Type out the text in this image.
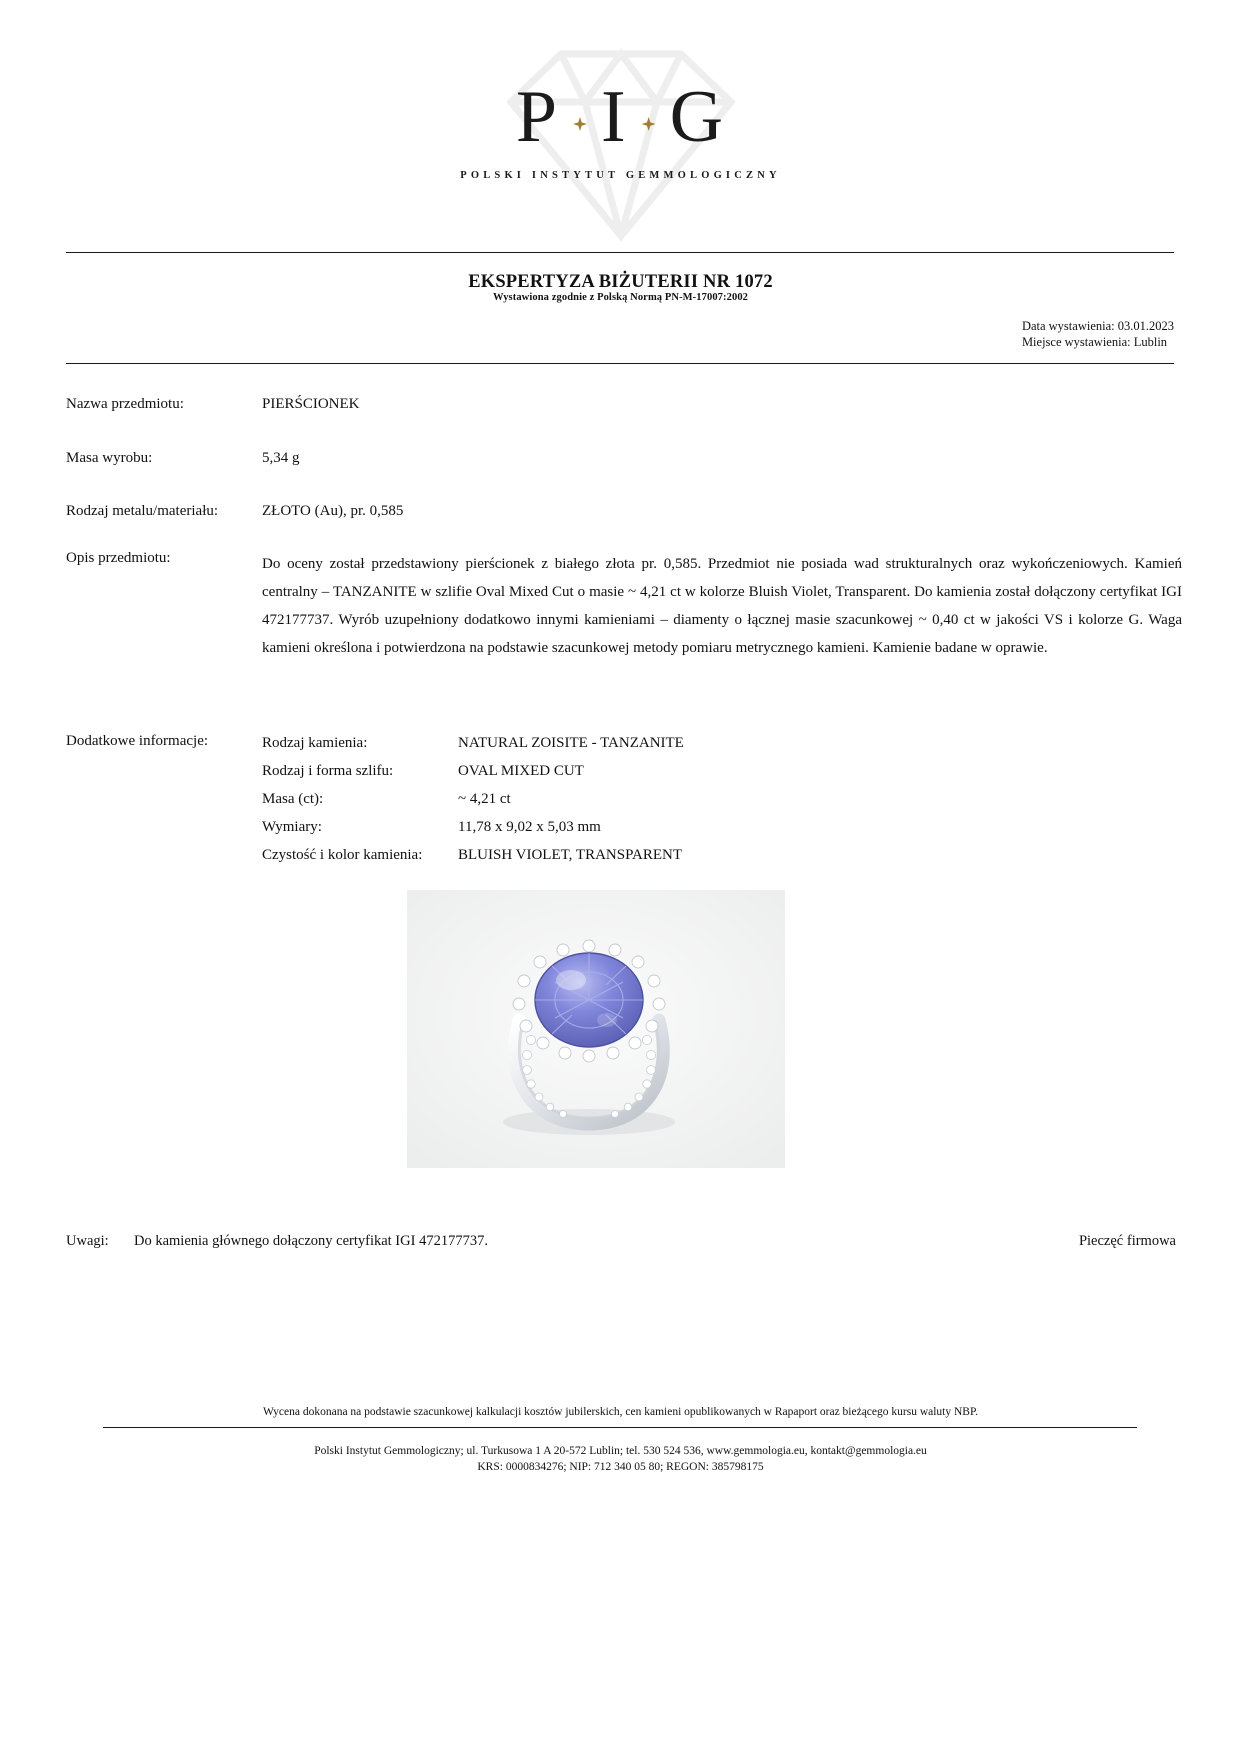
P I G
POLSKI INSTYTUT GEMMOLOGICZNY
EKSPERTYZA BIŻUTERII NR 1072
Wystawiona zgodnie z Polską Normą PN-M-17007:2002
Data wystawienia: 03.01.2023
Miejsce wystawienia: Lublin
Nazwa przedmiotu:	PIERŚCIONEK
Masa wyrobu:	5,34 g
Rodzaj metalu/materiału:	ZŁOTO (Au), pr. 0,585
Opis przedmiotu:	Do oceny został przedstawiony pierścionek z białego złota pr. 0,585. Przedmiot nie posiada wad strukturalnych oraz wykończeniowych. Kamień centralny – TANZANITE w szlifie Oval Mixed Cut o masie ~ 4,21 ct w kolorze Bluish Violet, Transparent. Do kamienia został dołączony certyfikat IGI 472177737. Wyrób uzupełniony dodatkowo innymi kamieniami – diamenty o łącznej masie szacunkowej ~ 0,40 ct w jakości VS i kolorze G. Waga kamieni określona i potwierdzona na podstawie szacunkowej metody pomiaru metrycznego kamieni. Kamienie badane w oprawie.
Dodatkowe informacje:	Rodzaj kamienia:	NATURAL ZOISITE - TANZANITE
Rodzaj i forma szlifu:	OVAL MIXED CUT
Masa (ct):	~ 4,21 ct
Wymiary:	11,78 x 9,02 x 5,03 mm
Czystość i kolor kamienia:	BLUISH VIOLET, TRANSPARENT
Uwagi: Do kamienia głównego dołączony certyfikat IGI 472177737.	Pieczęć firmowa
Wycena dokonana na podstawie szacunkowej kalkulacji kosztów jubilerskich, cen kamieni opublikowanych w Rapaport oraz bieżącego kursu waluty NBP.
Polski Instytut Gemmologiczny; ul. Turkusowa 1 A 20-572 Lublin; tel. 530 524 536, www.gemmologia.eu, kontakt@gemmologia.eu
KRS: 0000834276; NIP: 712 340 05 80; REGON: 385798175
